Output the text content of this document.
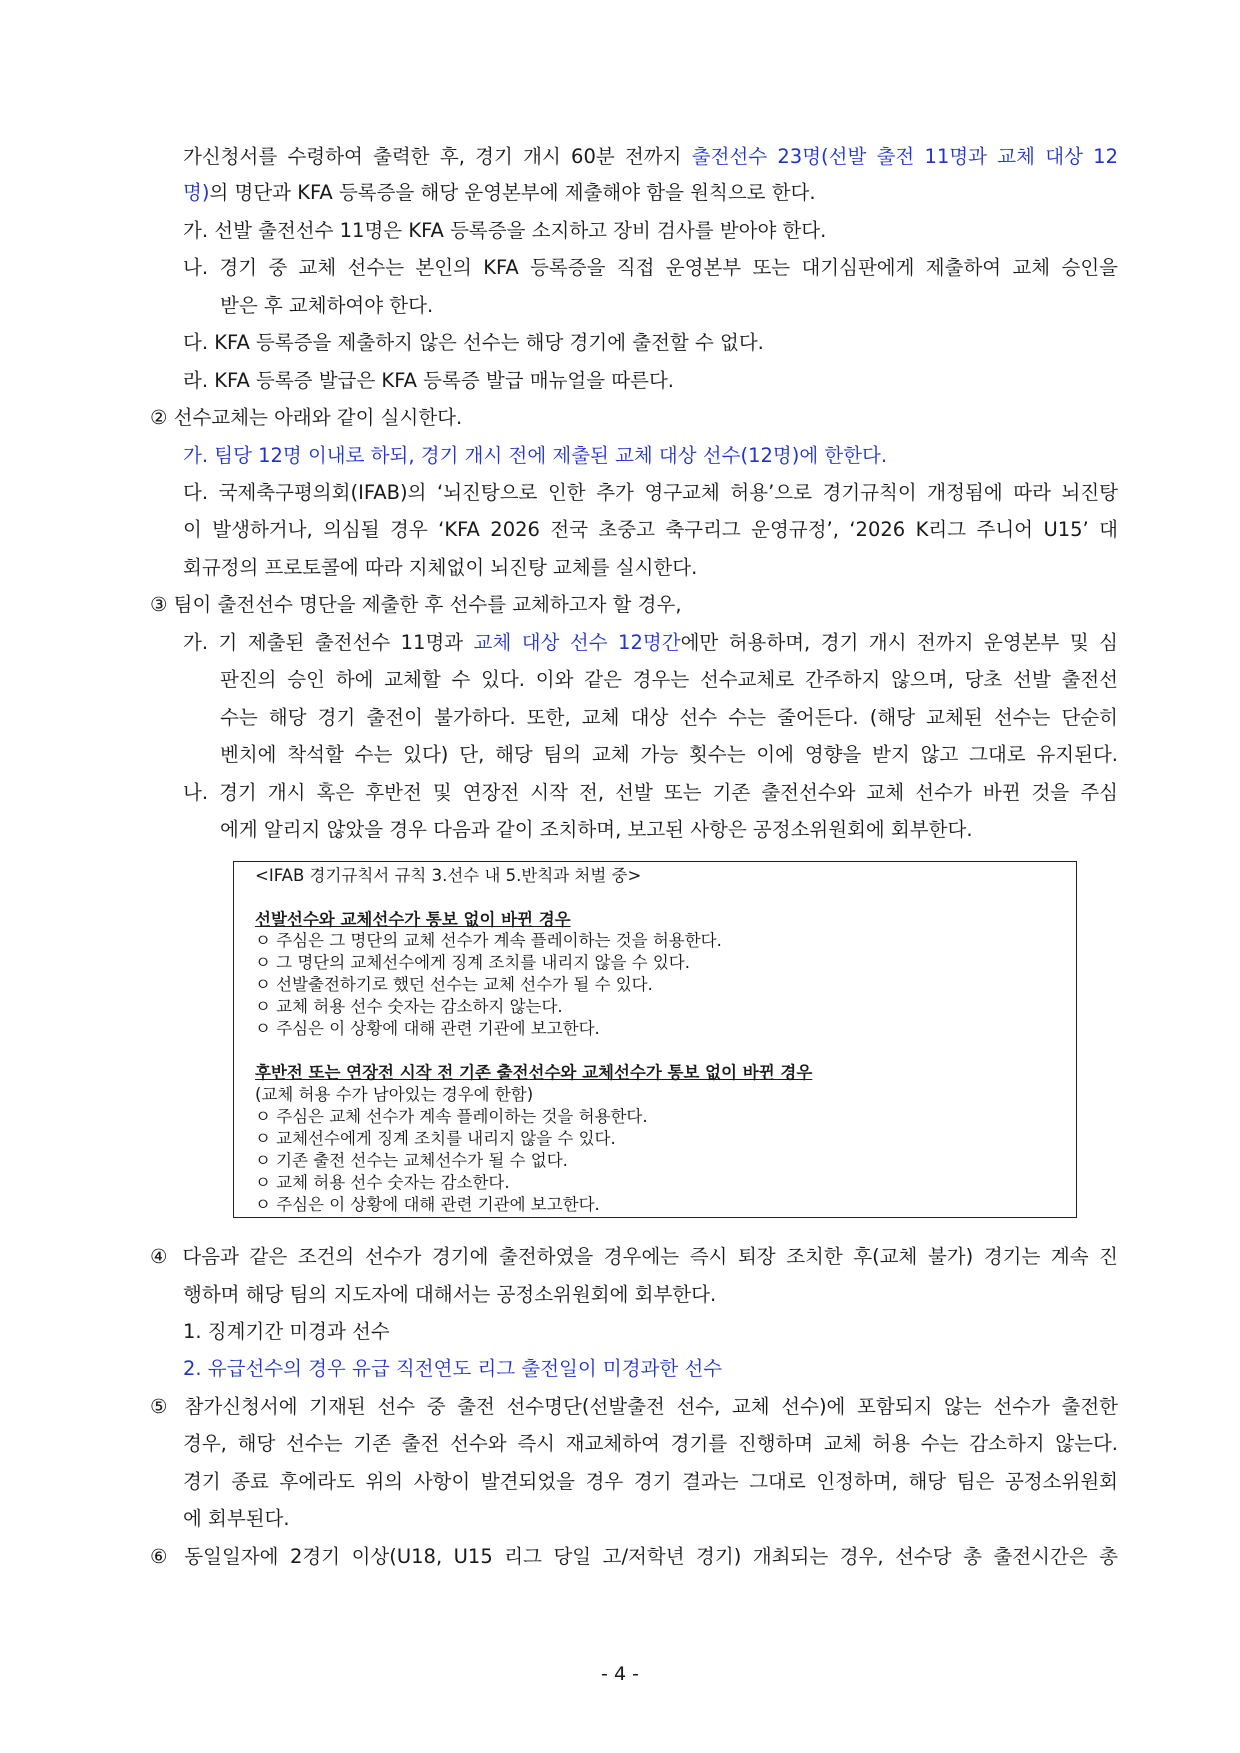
가신청서를 수령하여 출력한 후, 경기 개시 60분 전까지 출전선수 23명(선발 출전 11명과 교체 대상 12
명)의 명단과 KFA 등록증을 해당 운영본부에 제출해야 함을 원칙으로 한다.
가. 선발 출전선수 11명은 KFA 등록증을 소지하고 장비 검사를 받아야 한다.
나. 경기 중 교체 선수는 본인의 KFA 등록증을 직접 운영본부 또는 대기심판에게 제출하여 교체 승인을
받은 후 교체하여야 한다.
다. KFA 등록증을 제출하지 않은 선수는 해당 경기에 출전할 수 없다.
라. KFA 등록증 발급은 KFA 등록증 발급 매뉴얼을 따른다.
② 선수교체는 아래와 같이 실시한다.
가. 팀당 12명 이내로 하되, 경기 개시 전에 제출된 교체 대상 선수(12명)에 한한다.
다. 국제축구평의회(IFAB)의 ‘뇌진탕으로 인한 추가 영구교체 허용’으로 경기규칙이 개정됨에 따라 뇌진탕
이 발생하거나, 의심될 경우 ‘KFA 2026 전국 초중고 축구리그 운영규정’, ‘2026 K리그 주니어 U15’ 대
회규정의 프로토콜에 따라 지체없이 뇌진탕 교체를 실시한다.
③ 팀이 출전선수 명단을 제출한 후 선수를 교체하고자 할 경우,
가. 기 제출된 출전선수 11명과 교체 대상 선수 12명간에만 허용하며, 경기 개시 전까지 운영본부 및 심
판진의 승인 하에 교체할 수 있다. 이와 같은 경우는 선수교체로 간주하지 않으며, 당초 선발 출전선
수는 해당 경기 출전이 불가하다. 또한, 교체 대상 선수 수는 줄어든다. (해당 교체된 선수는 단순히
벤치에 착석할 수는 있다) 단, 해당 팀의 교체 가능 횟수는 이에 영향을 받지 않고 그대로 유지된다.
나. 경기 개시 혹은 후반전 및 연장전 시작 전, 선발 또는 기존 출전선수와 교체 선수가 바뀐 것을 주심
에게 알리지 않았을 경우 다음과 같이 조치하며, 보고된 사항은 공정소위원회에 회부한다.
<IFAB 경기규칙서 규칙 3.선수 내 5.반칙과 처벌 중>
선발선수와 교체선수가 통보 없이 바뀐 경우
ㅇ 주심은 그 명단의 교체 선수가 계속 플레이하는 것을 허용한다.
ㅇ 그 명단의 교체선수에게 징계 조치를 내리지 않을 수 있다.
ㅇ 선발출전하기로 했던 선수는 교체 선수가 될 수 있다.
ㅇ 교체 허용 선수 숫자는 감소하지 않는다.
ㅇ 주심은 이 상황에 대해 관련 기관에 보고한다.
후반전 또는 연장전 시작 전 기존 출전선수와 교체선수가 통보 없이 바뀐 경우
(교체 허용 수가 남아있는 경우에 한함)
ㅇ 주심은 교체 선수가 계속 플레이하는 것을 허용한다.
ㅇ 교체선수에게 징계 조치를 내리지 않을 수 있다.
ㅇ 기존 출전 선수는 교체선수가 될 수 없다.
ㅇ 교체 허용 선수 숫자는 감소한다.
ㅇ 주심은 이 상황에 대해 관련 기관에 보고한다.
④ 다음과 같은 조건의 선수가 경기에 출전하였을 경우에는 즉시 퇴장 조치한 후(교체 불가) 경기는 계속 진
행하며 해당 팀의 지도자에 대해서는 공정소위원회에 회부한다.
1. 징계기간 미경과 선수
2. 유급선수의 경우 유급 직전연도 리그 출전일이 미경과한 선수
⑤ 참가신청서에 기재된 선수 중 출전 선수명단(선발출전 선수, 교체 선수)에 포함되지 않는 선수가 출전한
경우, 해당 선수는 기존 출전 선수와 즉시 재교체하여 경기를 진행하며 교체 허용 수는 감소하지 않는다.
경기 종료 후에라도 위의 사항이 발견되었을 경우 경기 결과는 그대로 인정하며, 해당 팀은 공정소위원회
에 회부된다.
⑥ 동일일자에 2경기 이상(U18, U15 리그 당일 고/저학년 경기) 개최되는 경우, 선수당 총 출전시간은 총
- 4 -
